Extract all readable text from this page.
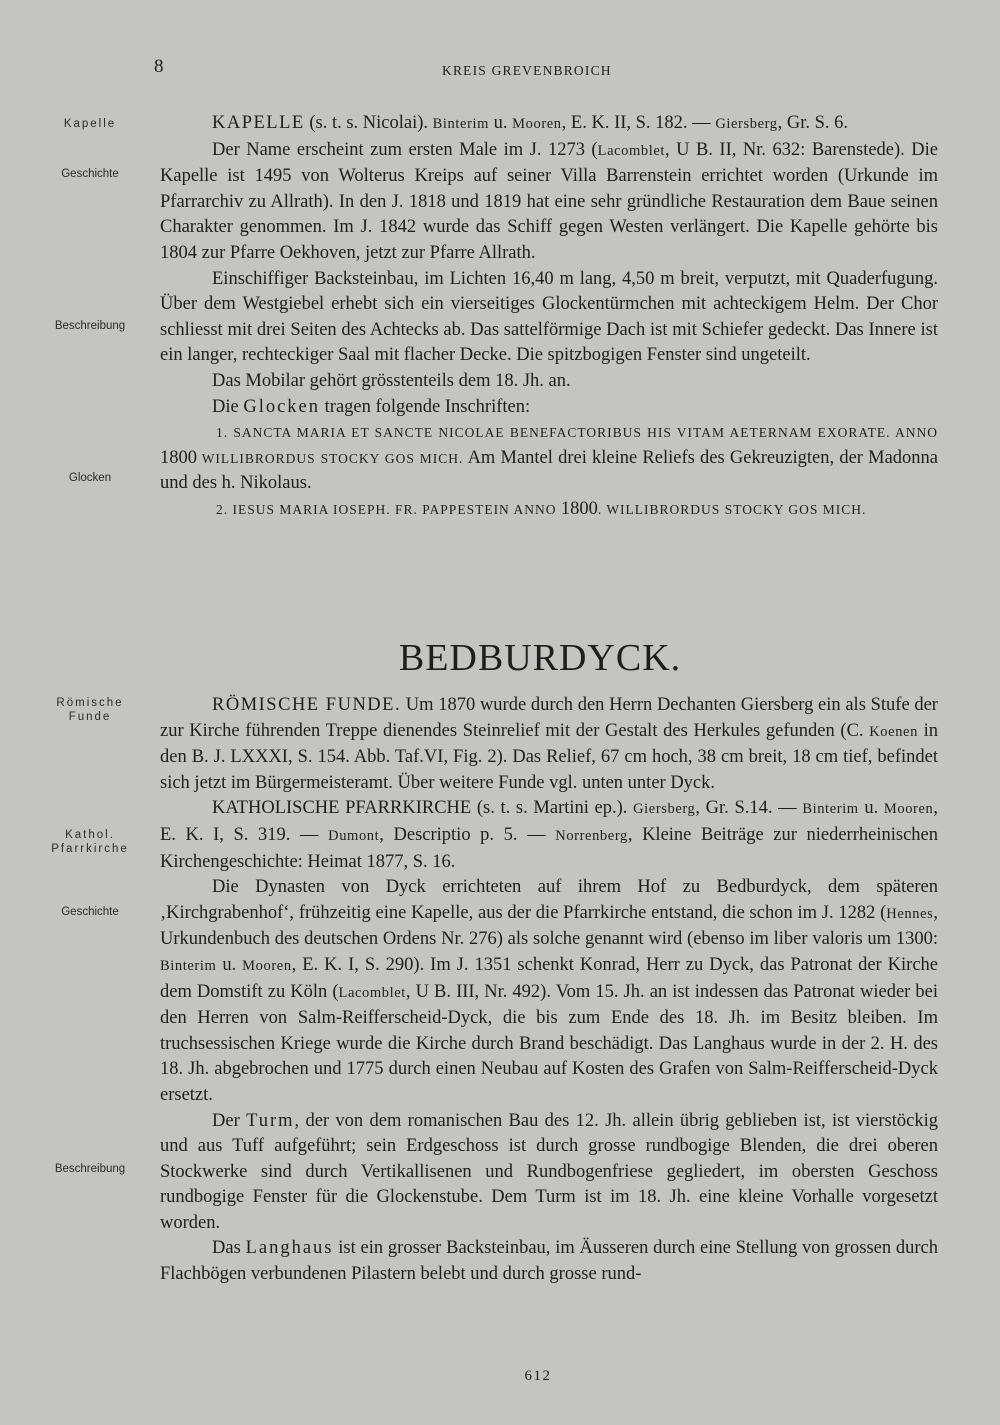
8	KREIS GREVENBROICH
Kapelle
Geschichte
Beschreibung
Glocken
Römische
Funde
Kathol.
Pfarrkirche
Geschichte
Beschreibung

KAPELLE (s. t. s. Nicolai). Binterim u. Mooren, E. K. II, S. 182. — Giersberg, Gr. S. 6.

Der Name erscheint zum ersten Male im J. 1273 (Lacomblet, U B. II, Nr. 632: Barenstede). Die Kapelle ist 1495 von Wolterus Kreips auf seiner Villa Barrenstein errichtet worden (Urkunde im Pfarrarchiv zu Allrath). In den J. 1818 und 1819 hat eine sehr gründliche Restauration dem Baue seinen Charakter genommen. Im J. 1842 wurde das Schiff gegen Westen verlängert. Die Kapelle gehörte bis 1804 zur Pfarre Oekhoven, jetzt zur Pfarre Allrath.

Einschiffiger Backsteinbau, im Lichten 16,40 m lang, 4,50 m breit, verputzt, mit Quaderfugung. Über dem Westgiebel erhebt sich ein vierseitiges Glockentürmchen mit achteckigem Helm. Der Chor schliesst mit drei Seiten des Achtecks ab. Das sattelförmige Dach ist mit Schiefer gedeckt. Das Innere ist ein langer, rechteckiger Saal mit flacher Decke. Die spitzbogigen Fenster sind ungeteilt.

Das Mobilar gehört grösstenteils dem 18. Jh. an.

Die Glocken tragen folgende Inschriften:

1. SANCTA MARIA ET SANCTE NICOLAE BENEFACTORIBUS HIS VITAM AETERNAM EXORATE. ANNO 1800 WILLIBRORDUS STOCKY GOS MICH. Am Mantel drei kleine Reliefs des Gekreuzigten, der Madonna und des h. Nikolaus.

2. IESUS MARIA IOSEPH. FR. PAPPESTEIN ANNO 1800. WILLIBRORDUS STOCKY GOS MICH.

BEDBURDYCK.

RÖMISCHE FUNDE. Um 1870 wurde durch den Herrn Dechanten Giersberg ein als Stufe der zur Kirche führenden Treppe dienendes Steinrelief mit der Gestalt des Herkules gefunden (C. Koenen in den B. J. LXXXI, S. 154. Abb. Taf.VI, Fig. 2). Das Relief, 67 cm hoch, 38 cm breit, 18 cm tief, befindet sich jetzt im Bürgermeisteramt. Über weitere Funde vgl. unten unter Dyck.

KATHOLISCHE PFARRKIRCHE (s. t. s. Martini ep.). Giersberg, Gr. S.14. — Binterim u. Mooren, E. K. I, S. 319. — Dumont, Descriptio p. 5. — Norrenberg, Kleine Beiträge zur niederrheinischen Kirchengeschichte: Heimat 1877, S. 16.

Die Dynasten von Dyck errichteten auf ihrem Hof zu Bedburdyck, dem späteren ‚Kirchgrabenhof‘, frühzeitig eine Kapelle, aus der die Pfarrkirche entstand, die schon im J. 1282 (Hennes, Urkundenbuch des deutschen Ordens Nr. 276) als solche genannt wird (ebenso im liber valoris um 1300: Binterim u. Mooren, E. K. I, S. 290). Im J. 1351 schenkt Konrad, Herr zu Dyck, das Patronat der Kirche dem Domstift zu Köln (Lacomblet, U B. III, Nr. 492). Vom 15. Jh. an ist indessen das Patronat wieder bei den Herren von Salm-Reifferscheid-Dyck, die bis zum Ende des 18. Jh. im Besitz bleiben. Im truchsessischen Kriege wurde die Kirche durch Brand beschädigt. Das Langhaus wurde in der 2. H. des 18. Jh. abgebrochen und 1775 durch einen Neubau auf Kosten des Grafen von Salm-Reifferscheid-Dyck ersetzt.

Der Turm, der von dem romanischen Bau des 12. Jh. allein übrig geblieben ist, ist vierstöckig und aus Tuff aufgeführt; sein Erdgeschoss ist durch grosse rundbogige Blenden, die drei oberen Stockwerke sind durch Vertikallisenen und Rundbogenfriese gegliedert, im obersten Geschoss rundbogige Fenster für die Glockenstube. Dem Turm ist im 18. Jh. eine kleine Vorhalle vorgesetzt worden.

Das Langhaus ist ein grosser Backsteinbau, im Äusseren durch eine Stellung von grossen durch Flachbögen verbundenen Pilastern belebt und durch grosse rund-

612
